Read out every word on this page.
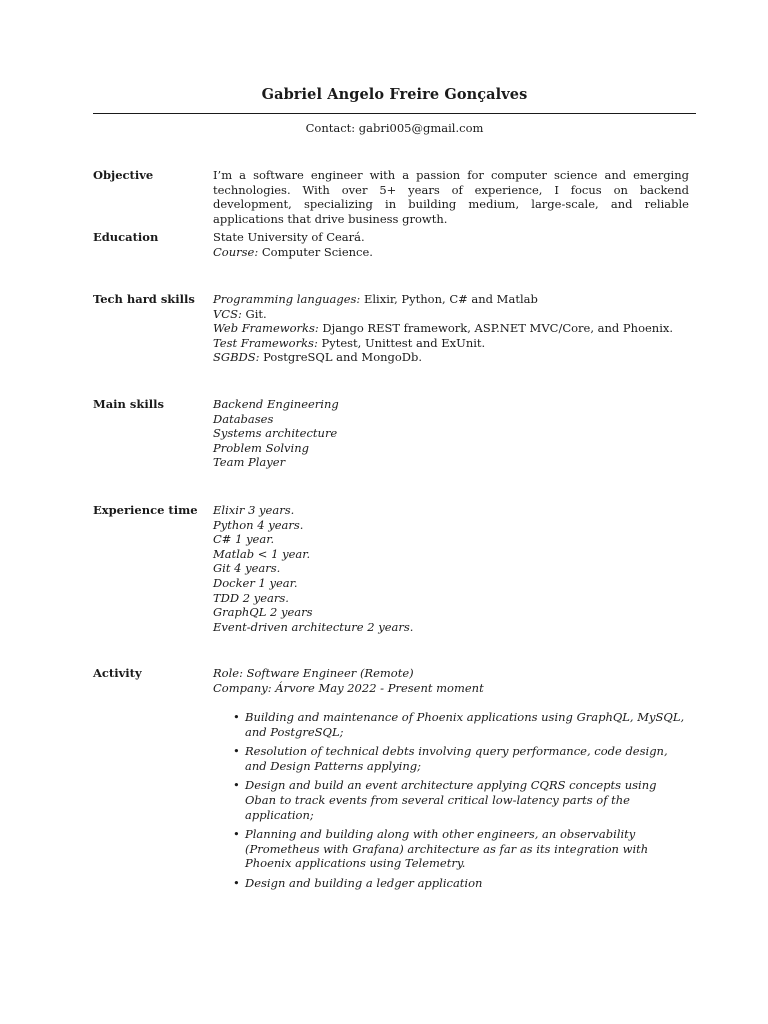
Gabriel Angelo Freire Gonçalves
Contact: gabri005@gmail.com
Objective	I’m a software engineer with a passion for computer science and emerging technologies. With over 5+ years of experience, I focus on backend development, specializing in building medium, large-scale, and reliable applications that drive business growth.
Education	State University of Ceará.
Course: Computer Science.
Tech hard skills	Programming languages: Elixir, Python, C# and Matlab
VCS: Git.
Web Frameworks: Django REST framework, ASP.NET MVC/Core, and Phoenix.
Test Frameworks: Pytest, Unittest and ExUnit.
SGBDS: PostgreSQL and MongoDb.
Main skills	Backend Engineering
Databases
Systems architecture
Problem Solving
Team Player
Experience time	Elixir 3 years.
Python 4 years.
C# 1 year.
Matlab < 1 year.
Git 4 years.
Docker 1 year.
TDD 2 years.
GraphQL 2 years
Event-driven architecture 2 years.
Activity	Role: Software Engineer (Remote)
Company: Árvore May 2022 - Present moment
• Building and maintenance of Phoenix applications using GraphQL, MySQL, and PostgreSQL;
• Resolution of technical debts involving query performance, code design, and Design Patterns applying;
• Design and build an event architecture applying CQRS concepts using Oban to track events from several critical low-latency parts of the application;
• Planning and building along with other engineers, an observability (Prometheus with Grafana) architecture as far as its integration with Phoenix applications using Telemetry.
• Design and building a ledger application
